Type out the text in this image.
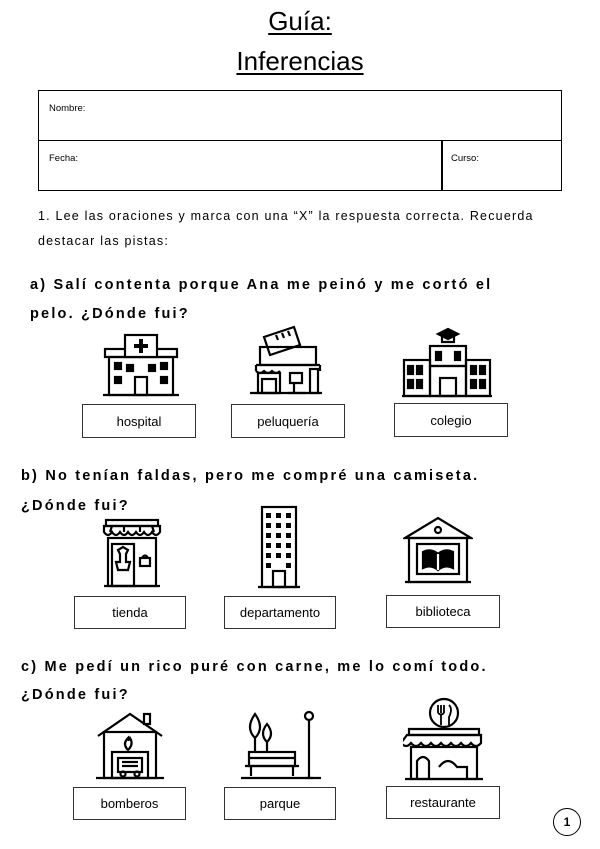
Guía:
Inferencias
Nombre:
Fecha:	Curso:
1. Lee las oraciones y marca con una “X” la respuesta correcta. Recuerda
destacar las pistas:
a) Salí contenta porque Ana me peinó y me cortó el
pelo. ¿Dónde fui?
hospital	peluquería	colegio
b) No tenían faldas, pero me compré una camiseta.
¿Dónde fui?
tienda	departamento	biblioteca
c) Me pedí un rico puré con carne, me lo comí todo.
¿Dónde fui?
bomberos	parque	restaurante
1
